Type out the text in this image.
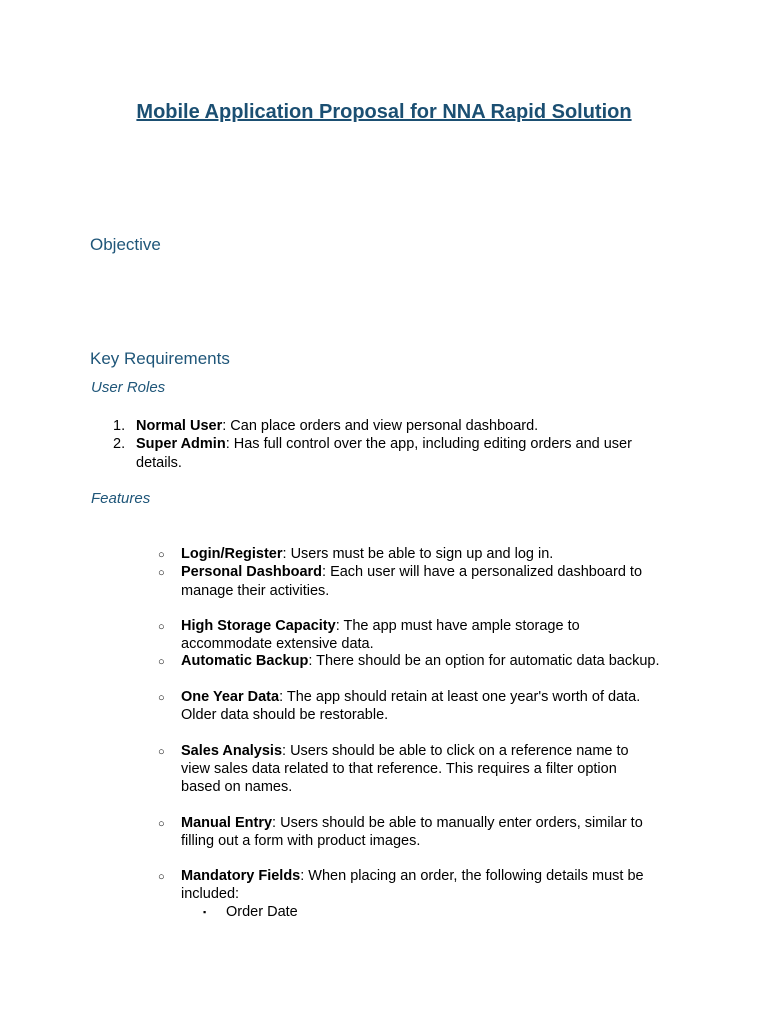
Mobile Application Proposal for NNA Rapid Solution
Objective
Key Requirements
User Roles
1. Normal User: Can place orders and view personal dashboard.
2. Super Admin: Has full control over the app, including editing orders and user
details.
Features
○ Login/Register: Users must be able to sign up and log in.
○ Personal Dashboard: Each user will have a personalized dashboard to
manage their activities.
○ High Storage Capacity: The app must have ample storage to
accommodate extensive data.
○ Automatic Backup: There should be an option for automatic data backup.
○ One Year Data: The app should retain at least one year's worth of data.
Older data should be restorable.
○ Sales Analysis: Users should be able to click on a reference name to
view sales data related to that reference. This requires a filter option
based on names.
○ Manual Entry: Users should be able to manually enter orders, similar to
filling out a form with product images.
○ Mandatory Fields: When placing an order, the following details must be
included:
▪ Order Date
